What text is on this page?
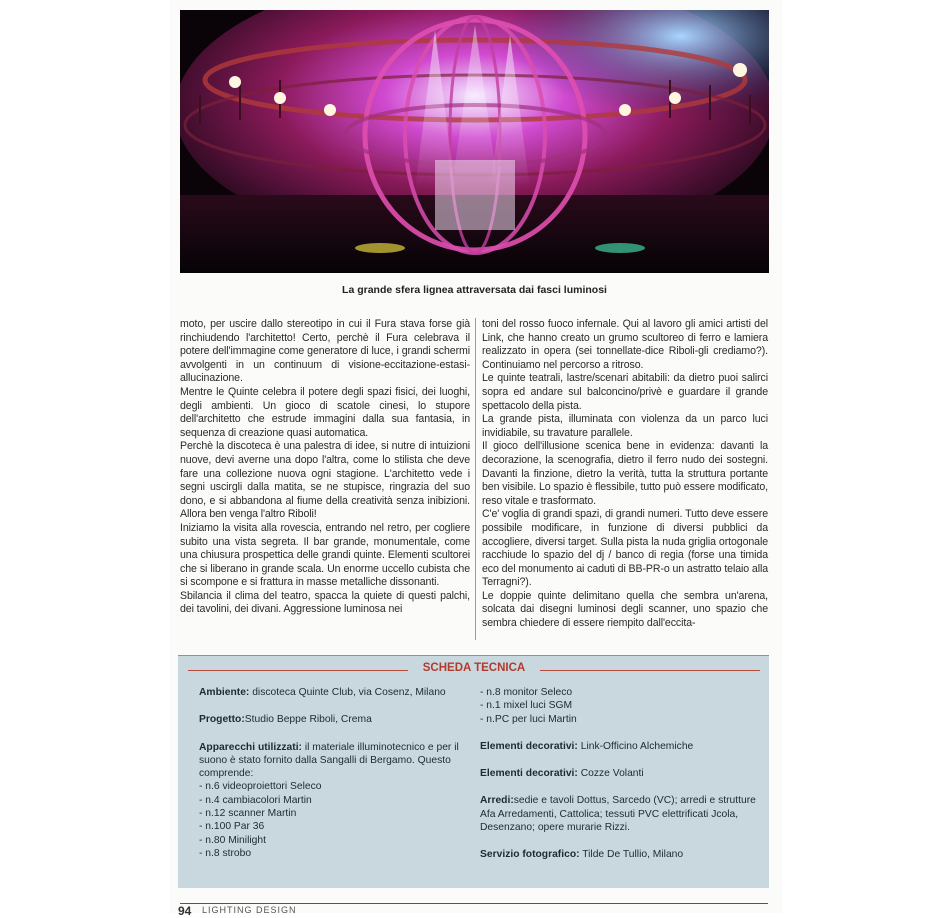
La grande sfera lignea attraversata dai fasci luminosi

moto, per uscire dallo stereotipo in cui il Fura stava forse già rinchiudendo l'architetto! Certo, perchè il Fura celebrava il potere dell'immagine come generatore di luce, i grandi schermi avvolgenti in un continuum di visione-eccitazione-estasi-allucinazione.

Mentre le Quinte celebra il potere degli spazi fisici, dei luoghi, degli ambienti. Un gioco di scatole cinesi, lo stupore dell'architetto che estrude immagini dalla sua fantasia, in sequenza di creazione quasi automatica.

Perchè la discoteca è una palestra di idee, si nutre di intuizioni nuove, devi averne una dopo l'altra, come lo stilista che deve fare una collezione nuova ogni stagione. L'architetto vede i segni uscirgli dalla matita, se ne stupisce, ringrazia del suo dono, e si abbandona al fiume della creatività senza inibizioni. Allora ben venga l'altro Riboli!

Iniziamo la visita alla rovescia, entrando nel retro, per cogliere subito una vista segreta. Il bar grande, monumentale, come una chiusura prospettica delle grandi quinte. Elementi scultorei che si liberano in grande scala. Un enorme uccello cubista che si scompone e si frattura in masse metalliche dissonanti.

Sbilancia il clima del teatro, spacca la quiete di questi palchi, dei tavolini, dei divani. Aggressione luminosa nei

toni del rosso fuoco infernale. Qui al lavoro gli amici artisti del Link, che hanno creato un grumo scultoreo di ferro e lamiera realizzato in opera (sei tonnellate-dice Riboli-gli crediamo?). Continuiamo nel percorso a ritroso.

Le quinte teatrali, lastre/scenari abitabili: da dietro puoi salirci sopra ed andare sul balconcino/privè e guardare il grande spettacolo della pista.

La grande pista, illuminata con violenza da un parco luci invidiabile, su travature parallele.

Il gioco dell'illusione scenica bene in evidenza: davanti la decorazione, la scenografia, dietro il ferro nudo dei sostegni. Davanti la finzione, dietro la verità, tutta la struttura portante ben visibile. Lo spazio è flessibile, tutto può essere modificato, reso vitale e trasformato.

C'e' voglia di grandi spazi, di grandi numeri. Tutto deve essere possibile modificare, in funzione di diversi pubblici da accogliere, diversi target. Sulla pista la nuda griglia ortogonale racchiude lo spazio del dj / banco di regia (forse una timida eco del monumento ai caduti di BB-PR-o un astratto telaio alla Terragni?).

Le doppie quinte delimitano quella che sembra un'arena, solcata dai disegni luminosi degli scanner, uno spazio che sembra chiedere di essere riempito dall'eccita-

SCHEDA TECNICA
Ambiente: discoteca Quinte Club, via Cosenz, Milano
Progetto:Studio Beppe Riboli, Crema
Apparecchi utilizzati: il materiale illuminotecnico e per il suono è stato fornito dalla Sangalli di Bergamo. Questo comprende:
- n.6 videoproiettori Seleco
- n.4 cambiacolori Martin
- n.12 scanner Martin
- n.100 Par 36
- n.80 Minilight
- n.8 strobo
- n.8 monitor Seleco
- n.1 mixel luci SGM
- n.PC per luci Martin
Elementi decorativi: Link-Officino Alchemiche
Elementi decorativi: Cozze Volanti
Arredi:sedie e tavoli Dottus, Sarcedo (VC); arredi e strutture Afa Arredamenti, Cattolica; tessuti PVC elettrificati Jcola, Desenzano; opere murarie Rizzi.
Servizio fotografico: Tilde De Tullio, Milano
94 LIGHTING DESIGN
